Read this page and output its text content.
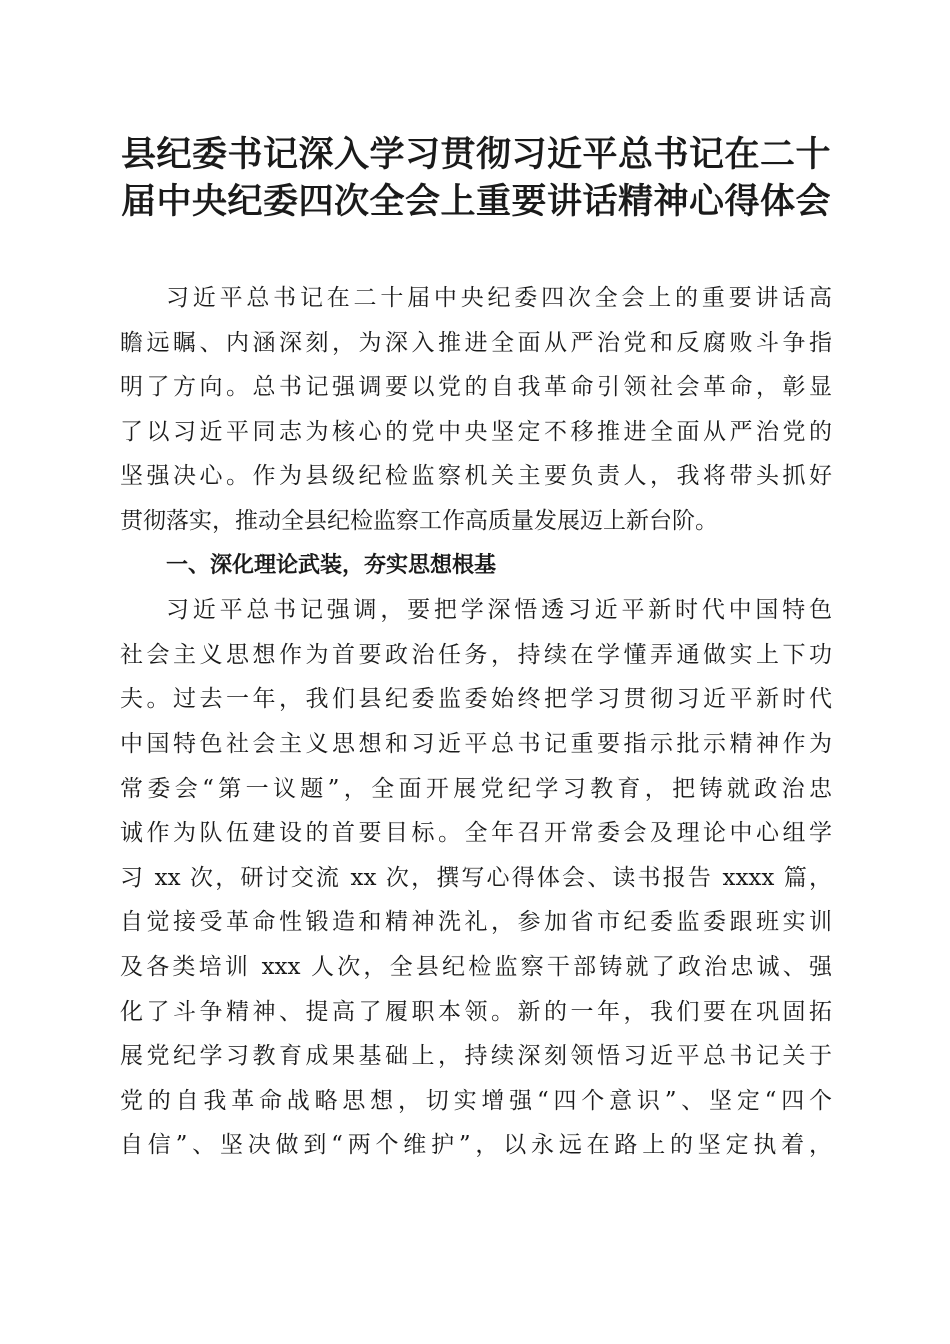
县纪委书记深入学习贯彻习近平总书记在二十
届中央纪委四次全会上重要讲话精神心得体会
习近平总书记在二十届中央纪委四次全会上的重要讲话高
瞻远瞩、内涵深刻，为深入推进全面从严治党和反腐败斗争指
明了方向。总书记强调要以党的自我革命引领社会革命，彰显
了以习近平同志为核心的党中央坚定不移推进全面从严治党的
坚强决心。作为县级纪检监察机关主要负责人，我将带头抓好
贯彻落实，推动全县纪检监察工作高质量发展迈上新台阶。
一、深化理论武装，夯实思想根基
习近平总书记强调，要把学深悟透习近平新时代中国特色
社会主义思想作为首要政治任务，持续在学懂弄通做实上下功
夫。过去一年，我们县纪委监委始终把学习贯彻习近平新时代
中国特色社会主义思想和习近平总书记重要指示批示精神作为
常委会“第一议题”，全面开展党纪学习教育，把铸就政治忠
诚作为队伍建设的首要目标。全年召开常委会及理论中心组学
习 xx 次，研讨交流 xx 次，撰写心得体会、读书报告 xxxx 篇，
自觉接受革命性锻造和精神洗礼，参加省市纪委监委跟班实训
及各类培训 xxx 人次，全县纪检监察干部铸就了政治忠诚、强
化了斗争精神、提高了履职本领。新的一年，我们要在巩固拓
展党纪学习教育成果基础上，持续深刻领悟习近平总书记关于
党的自我革命战略思想，切实增强“四个意识”、坚定“四个
自信”、坚决做到“两个维护”，以永远在路上的坚定执着，
